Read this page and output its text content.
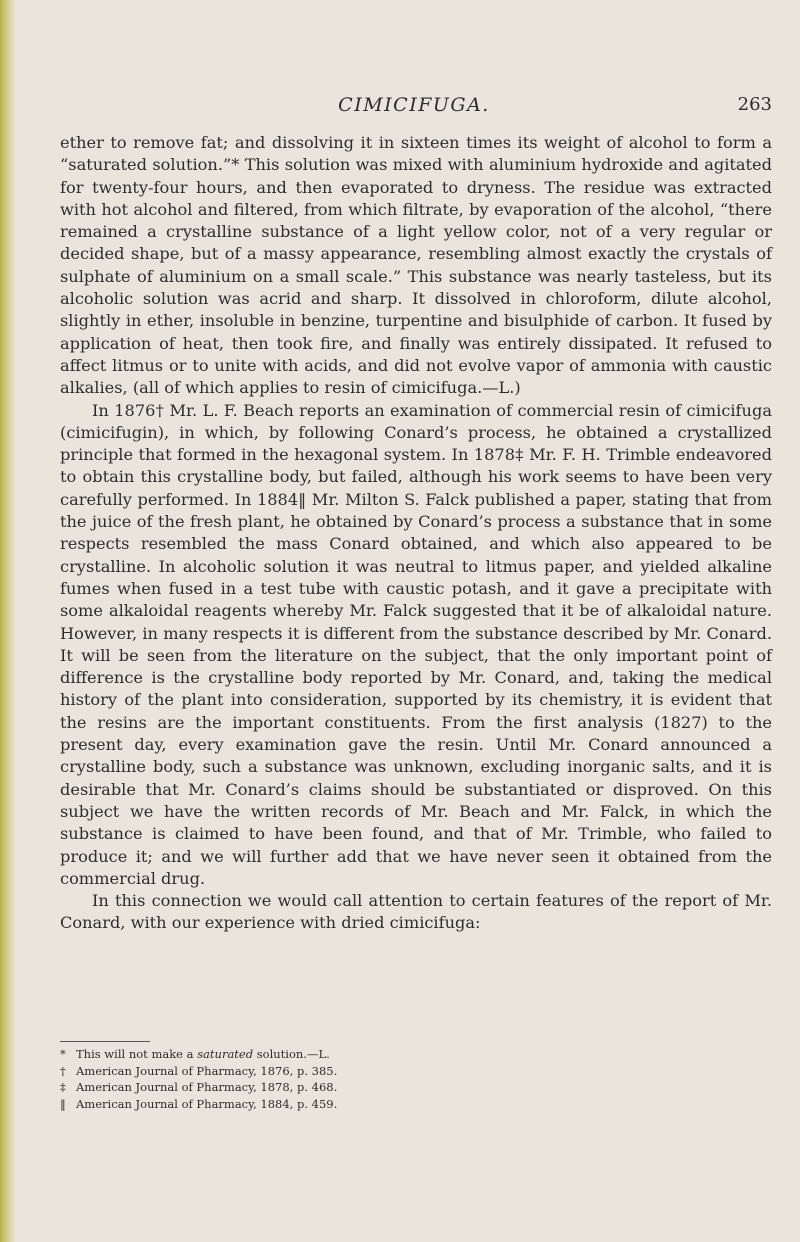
CIMICIFUGA.	263

ether to remove fat; and dissolving it in sixteen times its weight of alcohol to form a “saturated solution.”* This solution was mixed with aluminium hydroxide and agitated for twenty-four hours, and then evaporated to dryness. The residue was extracted with hot alcohol and filtered, from which filtrate, by evaporation of the alcohol, “there remained a crystalline substance of a light yellow color, not of a very regular or decided shape, but of a massy appearance, resembling almost exactly the crystals of sulphate of aluminium on a small scale.” This substance was nearly tasteless, but its alcoholic solution was acrid and sharp. It dissolved in chloroform, dilute alcohol, slightly in ether, insoluble in benzine, turpentine and bisulphide of carbon. It fused by application of heat, then took fire, and finally was entirely dissipated. It refused to affect litmus or to unite with acids, and did not evolve vapor of ammonia with caustic alkalies, (all of which applies to resin of cimicifuga.—L.)

In 1876† Mr. L. F. Beach reports an examination of commercial resin of cimicifuga (cimicifugin), in which, by following Conard’s process, he obtained a crystallized principle that formed in the hexagonal system. In 1878‡ Mr. F. H. Trimble endeavored to obtain this crystalline body, but failed, although his work seems to have been very carefully performed. In 1884‖ Mr. Milton S. Falck published a paper, stating that from the juice of the fresh plant, he obtained by Conard’s process a substance that in some respects resembled the mass Conard obtained, and which also appeared to be crystalline. In alcoholic solution it was neutral to litmus paper, and yielded alkaline fumes when fused in a test tube with caustic potash, and it gave a precipitate with some alkaloidal reagents whereby Mr. Falck suggested that it be of alkaloidal nature. However, in many respects it is different from the substance described by Mr. Conard. It will be seen from the literature on the subject, that the only important point of difference is the crystalline body reported by Mr. Conard, and, taking the medical history of the plant into consideration, supported by its chemistry, it is evident that the resins are the important constituents. From the first analysis (1827) to the present day, every examination gave the resin. Until Mr. Conard announced a crystalline body, such a substance was unknown, excluding inorganic salts, and it is desirable that Mr. Conard’s claims should be substantiated or disproved. On this subject we have the written records of Mr. Beach and Mr. Falck, in which the substance is claimed to have been found, and that of Mr. Trimble, who failed to produce it; and we will further add that we have never seen it obtained from the commercial drug.

In this connection we would call attention to certain features of the report of Mr. Conard, with our experience with dried cimicifuga:

* This will not make a saturated solution.—L.
† American Journal of Pharmacy, 1876, p. 385.
‡ American Journal of Pharmacy, 1878, p. 468.
‖ American Journal of Pharmacy, 1884, p. 459.
